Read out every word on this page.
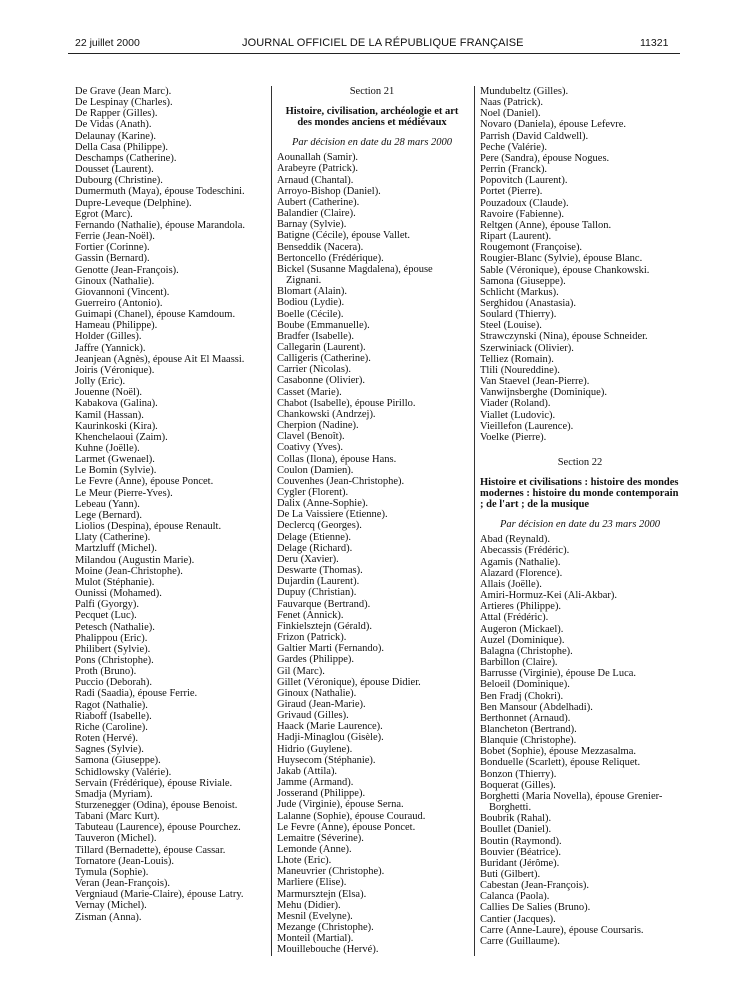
22 juillet 2000	JOURNAL OFFICIEL DE LA RÉPUBLIQUE FRANÇAISE	11321
De Grave (Jean Marc).
De Lespinay (Charles).
De Rapper (Gilles).
De Vidas (Anath).
Delaunay (Karine).
Della Casa (Philippe).
Deschamps (Catherine).
Dousset (Laurent).
Dubourg (Christine).
Dumermuth (Maya), épouse Todeschini.
Dupre-Leveque (Delphine).
Egrot (Marc).
Fernando (Nathalie), épouse Marandola.
Ferrie (Jean-Noël).
Fortier (Corinne).
Gassin (Bernard).
Genotte (Jean-François).
Ginoux (Nathalie).
Giovannoni (Vincent).
Guerreiro (Antonio).
Guimapi (Chanel), épouse Kamdoum.
Hameau (Philippe).
Holder (Gilles).
Jaffre (Yannick).
Jeanjean (Agnès), épouse Ait El Maassi.
Joiris (Véronique).
Jolly (Eric).
Jouenne (Noël).
Kabakova (Galina).
Kamil (Hassan).
Kaurinkoski (Kira).
Khenchelaoui (Zaim).
Kuhne (Joëlle).
Larmet (Gwenael).
Le Bomin (Sylvie).
Le Fevre (Anne), épouse Poncet.
Le Meur (Pierre-Yves).
Lebeau (Yann).
Lege (Bernard).
Liolios (Despina), épouse Renault.
Llaty (Catherine).
Martzluff (Michel).
Milandou (Augustin Marie).
Moine (Jean-Christophe).
Mulot (Stéphanie).
Ounissi (Mohamed).
Palfi (Gyorgy).
Pecquet (Luc).
Petesch (Nathalie).
Phalippou (Eric).
Philibert (Sylvie).
Pons (Christophe).
Proth (Bruno).
Puccio (Deborah).
Radi (Saadia), épouse Ferrie.
Ragot (Nathalie).
Riaboff (Isabelle).
Riche (Caroline).
Roten (Hervé).
Sagnes (Sylvie).
Samona (Giuseppe).
Schidlowsky (Valérie).
Servain (Frédérique), épouse Riviale.
Smadja (Myriam).
Sturzenegger (Odina), épouse Benoist.
Tabani (Marc Kurt).
Tabuteau (Laurence), épouse Pourchez.
Tauveron (Michel).
Tillard (Bernadette), épouse Cassar.
Tornatore (Jean-Louis).
Tymula (Sophie).
Veran (Jean-François).
Vergniaud (Marie-Claire), épouse Latry.
Vernay (Michel).
Zisman (Anna).
Section 21
Histoire, civilisation, archéologie et art des mondes anciens et médiévaux
Par décision en date du 28 mars 2000
Aounallah (Samir).
Arabeyre (Patrick).
Arnaud (Chantal).
Arroyo-Bishop (Daniel).
Aubert (Catherine).
Balandier (Claire).
Barnay (Sylvie).
Batigne (Cécile), épouse Vallet.
Benseddik (Nacera).
Bertoncello (Frédérique).
Bickel (Susanne Magdalena), épouse Zignani.
Blomart (Alain).
Bodiou (Lydie).
Boelle (Cécile).
Boube (Emmanuelle).
Bradfer (Isabelle).
Callegarin (Laurent).
Calligeris (Catherine).
Carrier (Nicolas).
Casabonne (Olivier).
Casset (Marie).
Chabot (Isabelle), épouse Pirillo.
Chankowski (Andrzej).
Cherpion (Nadine).
Clavel (Benoît).
Coativy (Yves).
Collas (Ilona), épouse Hans.
Coulon (Damien).
Couvenhes (Jean-Christophe).
Cygler (Florent).
Dalix (Anne-Sophie).
De La Vaissiere (Etienne).
Declercq (Georges).
Delage (Etienne).
Delage (Richard).
Deru (Xavier).
Deswarte (Thomas).
Dujardin (Laurent).
Dupuy (Christian).
Fauvarque (Bertrand).
Fenet (Annick).
Finkielsztejn (Gérald).
Frizon (Patrick).
Galtier Marti (Fernando).
Gardes (Philippe).
Gil (Marc).
Gillet (Véronique), épouse Didier.
Ginoux (Nathalie).
Giraud (Jean-Marie).
Grivaud (Gilles).
Haack (Marie Laurence).
Hadji-Minaglou (Gisèle).
Hidrio (Guylene).
Huysecom (Stéphanie).
Jakab (Attila).
Jamme (Armand).
Josserand (Philippe).
Jude (Virginie), épouse Serna.
Lalanne (Sophie), épouse Couraud.
Le Fevre (Anne), épouse Poncet.
Lemaitre (Séverine).
Lemonde (Anne).
Lhote (Eric).
Maneuvrier (Christophe).
Marliere (Elise).
Marmursztejn (Elsa).
Mehu (Didier).
Mesnil (Evelyne).
Mezange (Christophe).
Monteil (Martial).
Mouillebouche (Hervé).
Mundubeltz (Gilles).
Naas (Patrick).
Noel (Daniel).
Novaro (Daniela), épouse Lefevre.
Parrish (David Caldwell).
Peche (Valérie).
Pere (Sandra), épouse Nogues.
Perrin (Franck).
Popovitch (Laurent).
Portet (Pierre).
Pouzadoux (Claude).
Ravoire (Fabienne).
Reltgen (Anne), épouse Tallon.
Ripart (Laurent).
Rougemont (Françoise).
Rougier-Blanc (Sylvie), épouse Blanc.
Sable (Véronique), épouse Chankowski.
Samona (Giuseppe).
Schlicht (Markus).
Serghidou (Anastasia).
Soulard (Thierry).
Steel (Louise).
Strawczynski (Nina), épouse Schneider.
Szerwiniack (Olivier).
Telliez (Romain).
Tlili (Noureddine).
Van Staevel (Jean-Pierre).
Vanwijnsberghe (Dominique).
Viader (Roland).
Viallet (Ludovic).
Vieillefon (Laurence).
Voelke (Pierre).
Section 22
Histoire et civilisations : histoire des mondes modernes : histoire du monde contemporain ; de l'art ; de la musique
Par décision en date du 23 mars 2000
Abad (Reynald).
Abecassis (Frédéric).
Agamis (Nathalie).
Alazard (Florence).
Allais (Joëlle).
Amiri-Hormuz-Kei (Ali-Akbar).
Artieres (Philippe).
Attal (Frédéric).
Augeron (Mickael).
Auzel (Dominique).
Balagna (Christophe).
Barbillon (Claire).
Barrusse (Virginie), épouse De Luca.
Beloeil (Dominique).
Ben Fradj (Chokri).
Ben Mansour (Abdelhadi).
Berthonnet (Arnaud).
Blancheton (Bertrand).
Blanquie (Christophe).
Bobet (Sophie), épouse Mezzasalma.
Bonduelle (Scarlett), épouse Reliquet.
Bonzon (Thierry).
Boquerat (Gilles).
Borghetti (Maria Novella), épouse Grenier-Borghetti.
Boubrik (Rahal).
Boullet (Daniel).
Boutin (Raymond).
Bouvier (Béatrice).
Buridant (Jérôme).
Buti (Gilbert).
Cabestan (Jean-François).
Calanca (Paola).
Callies De Salies (Bruno).
Cantier (Jacques).
Carre (Anne-Laure), épouse Coursaris.
Carre (Guillaume).
